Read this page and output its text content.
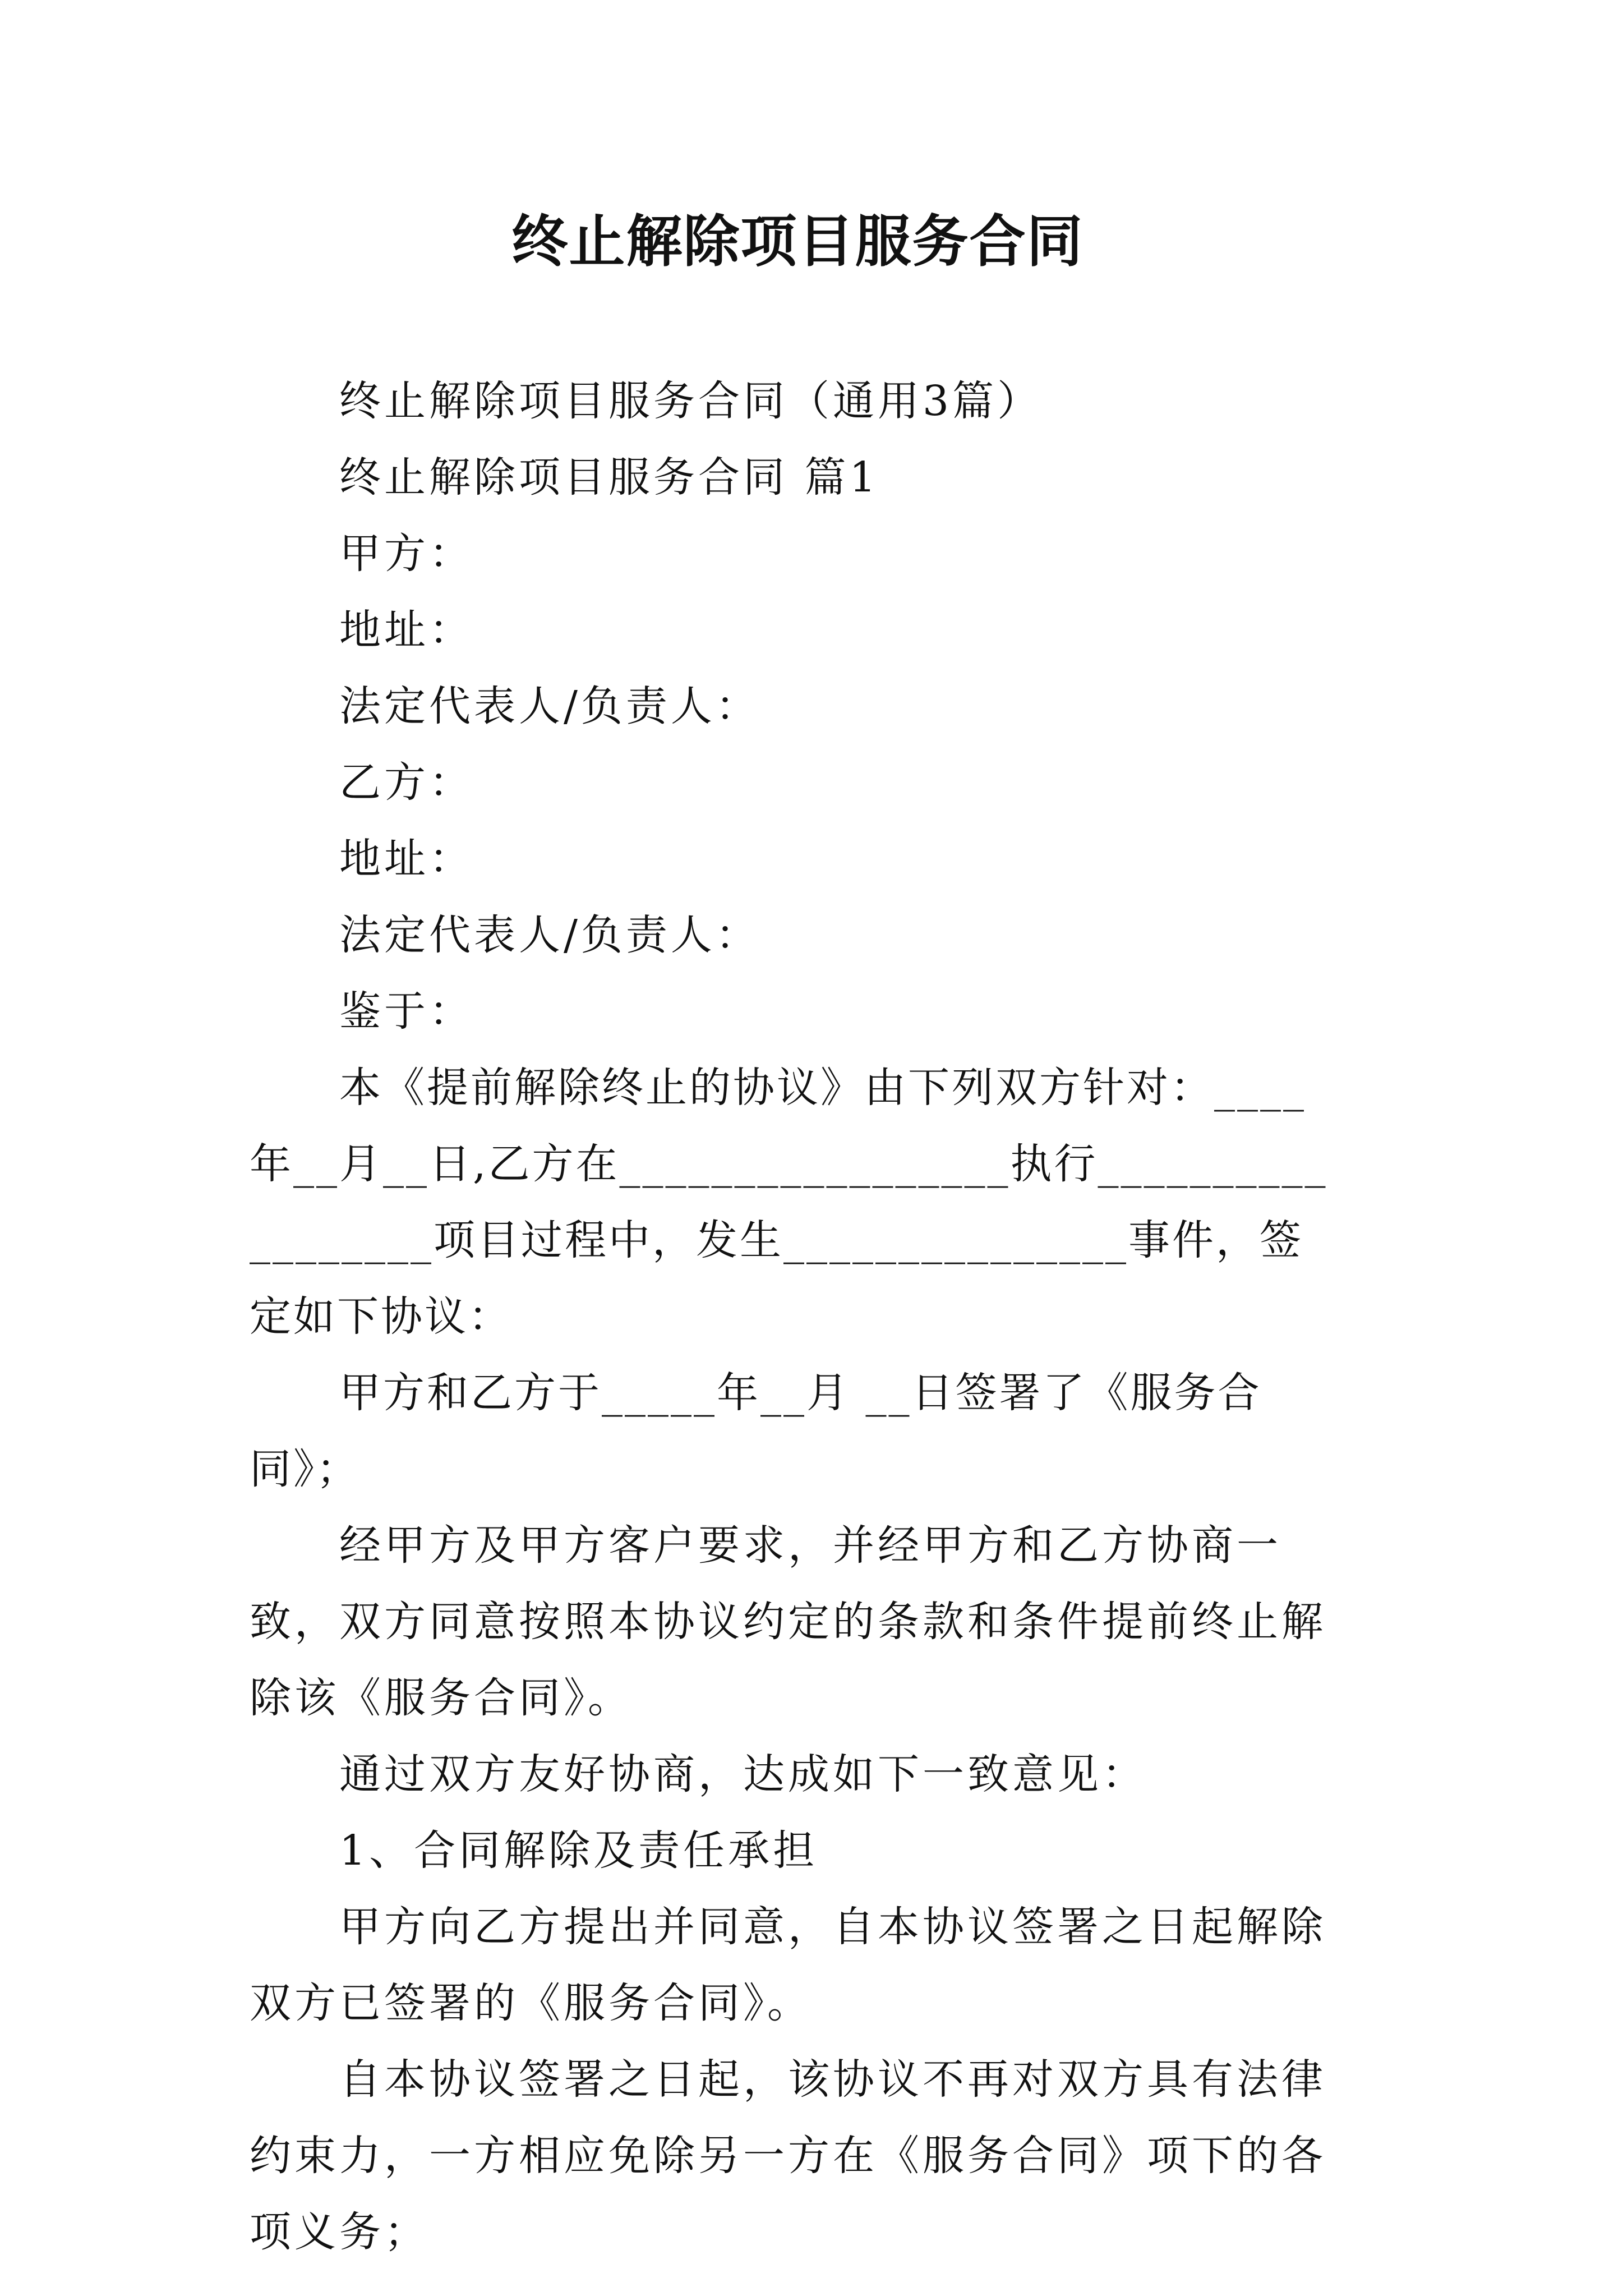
终止解除项目服务合同

终止解除项目服务合同（通用3篇）

终止解除项目服务合同 篇1

甲方：

地址：

法定代表人/负责人：

乙方：

地址：

法定代表人/负责人：

鉴于：

本《提前解除终止的协议》由下列双方针对：____年__月__日,乙方在_________________执行__________________项目过程中，发生_______________事件，签定如下协议：

甲方和乙方于_____年__月 __日签署了《服务合同》；

经甲方及甲方客户要求，并经甲方和乙方协商一致，双方同意按照本协议约定的条款和条件提前终止解除该《服务合同》。

通过双方友好协商，达成如下一致意见：

1、合同解除及责任承担

甲方向乙方提出并同意，自本协议签署之日起解除双方已签署的《服务合同》。

自本协议签署之日起，该协议不再对双方具有法律约束力，一方相应免除另一方在《服务合同》项下的各项义务；
